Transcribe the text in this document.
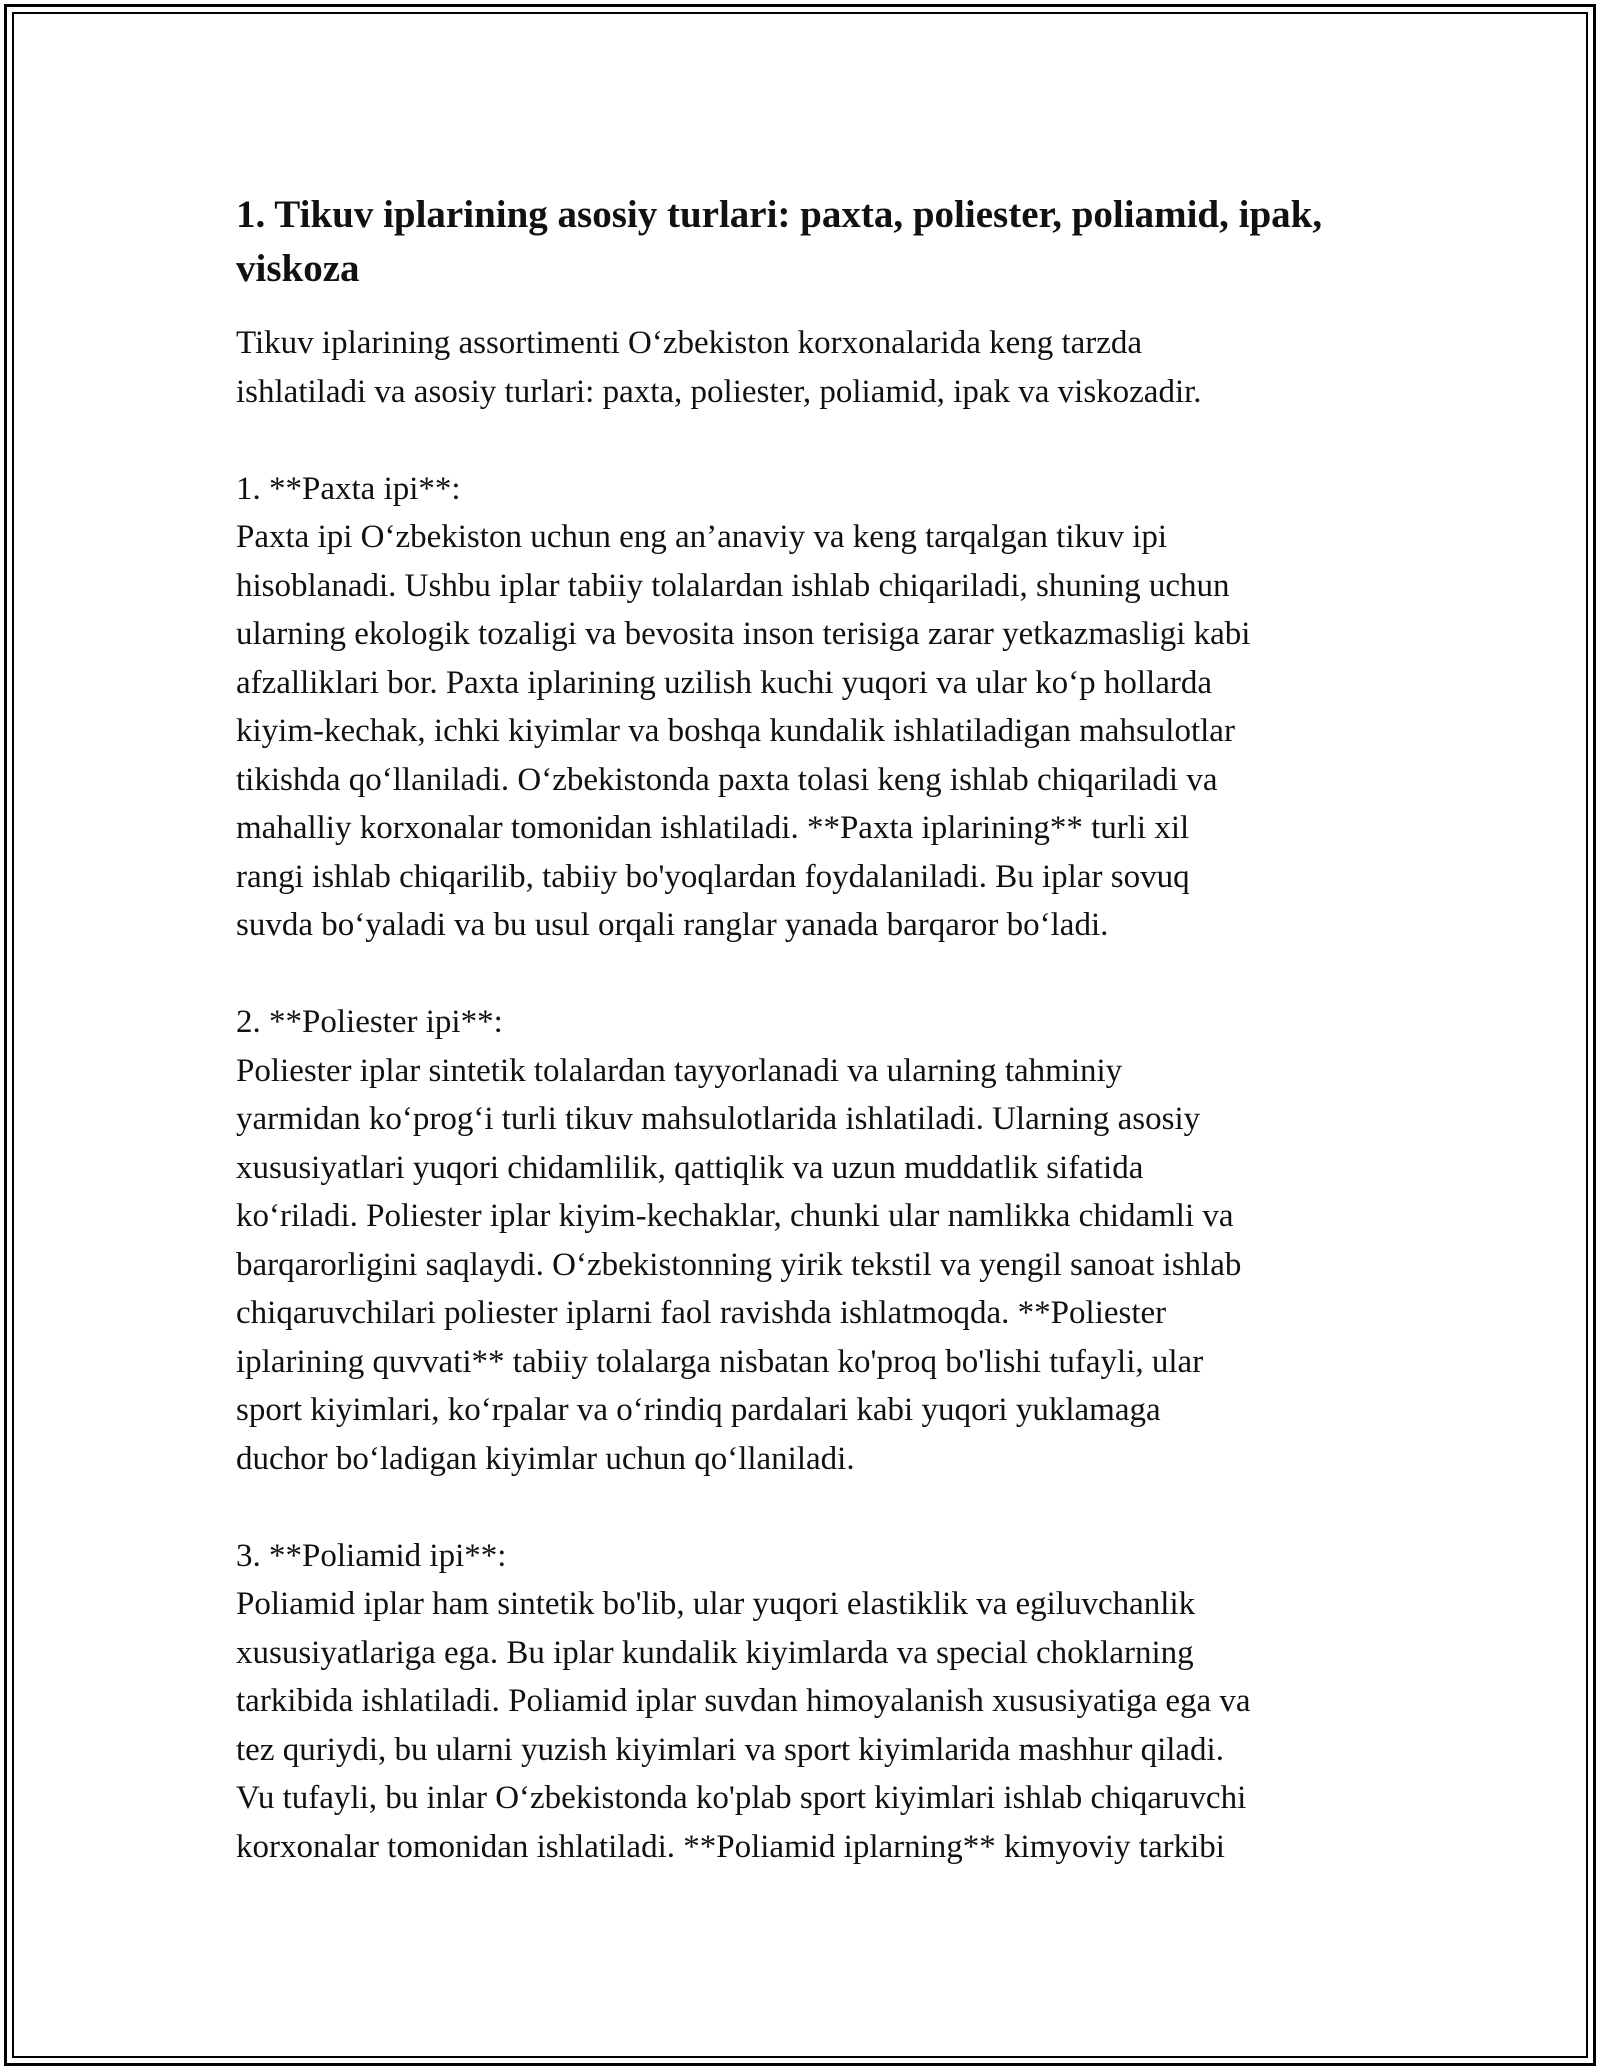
1. Tikuv iplarining asosiy turlari: paxta, poliester, poliamid, ipak, viskoza

Tikuv iplarining assortimenti O‘zbekiston korxonalarida keng tarzda
ishlatiladi va asosiy turlari: paxta, poliester, poliamid, ipak va viskozadir.

1. **Paxta ipi**:

Paxta ipi O‘zbekiston uchun eng an’anaviy va keng tarqalgan tikuv ipi
hisoblanadi. Ushbu iplar tabiiy tolalardan ishlab chiqariladi, shuning uchun
ularning ekologik tozaligi va bevosita inson terisiga zarar yetkazmasligi kabi
afzalliklari bor. Paxta iplarining uzilish kuchi yuqori va ular ko‘p hollarda
kiyim-kechak, ichki kiyimlar va boshqa kundalik ishlatiladigan mahsulotlar
tikishda qo‘llaniladi. O‘zbekistonda paxta tolasi keng ishlab chiqariladi va
mahalliy korxonalar tomonidan ishlatiladi. **Paxta iplarining** turli xil
rangi ishlab chiqarilib, tabiiy bo'yoqlardan foydalaniladi. Bu iplar sovuq
suvda bo‘yaladi va bu usul orqali ranglar yanada barqaror bo‘ladi.

2. **Poliester ipi**:

Poliester iplar sintetik tolalardan tayyorlanadi va ularning tahminiy
yarmidan ko‘prog‘i turli tikuv mahsulotlarida ishlatiladi. Ularning asosiy
xususiyatlari yuqori chidamlilik, qattiqlik va uzun muddatlik sifatida
ko‘riladi. Poliester iplar kiyim-kechaklar, chunki ular namlikka chidamli va
barqarorligini saqlaydi. O‘zbekistonning yirik tekstil va yengil sanoat ishlab
chiqaruvchilari poliester iplarni faol ravishda ishlatmoqda. **Poliester
iplarining quvvati** tabiiy tolalarga nisbatan ko'proq bo'lishi tufayli, ular
sport kiyimlari, ko‘rpalar va o‘rindiq pardalari kabi yuqori yuklamaga
duchor bo‘ladigan kiyimlar uchun qo‘llaniladi.

3. **Poliamid ipi**:

Poliamid iplar ham sintetik bo'lib, ular yuqori elastiklik va egiluvchanlik
xususiyatlariga ega. Bu iplar kundalik kiyimlarda va special choklarning
tarkibida ishlatiladi. Poliamid iplar suvdan himoyalanish xususiyatiga ega va
tez quriydi, bu ularni yuzish kiyimlari va sport kiyimlarida mashhur qiladi.
Vu tufayli, bu inlar O‘zbekistonda ko'plab sport kiyimlari ishlab chiqaruvchi
korxonalar tomonidan ishlatiladi. **Poliamid iplarning** kimyoviy tarkibi
